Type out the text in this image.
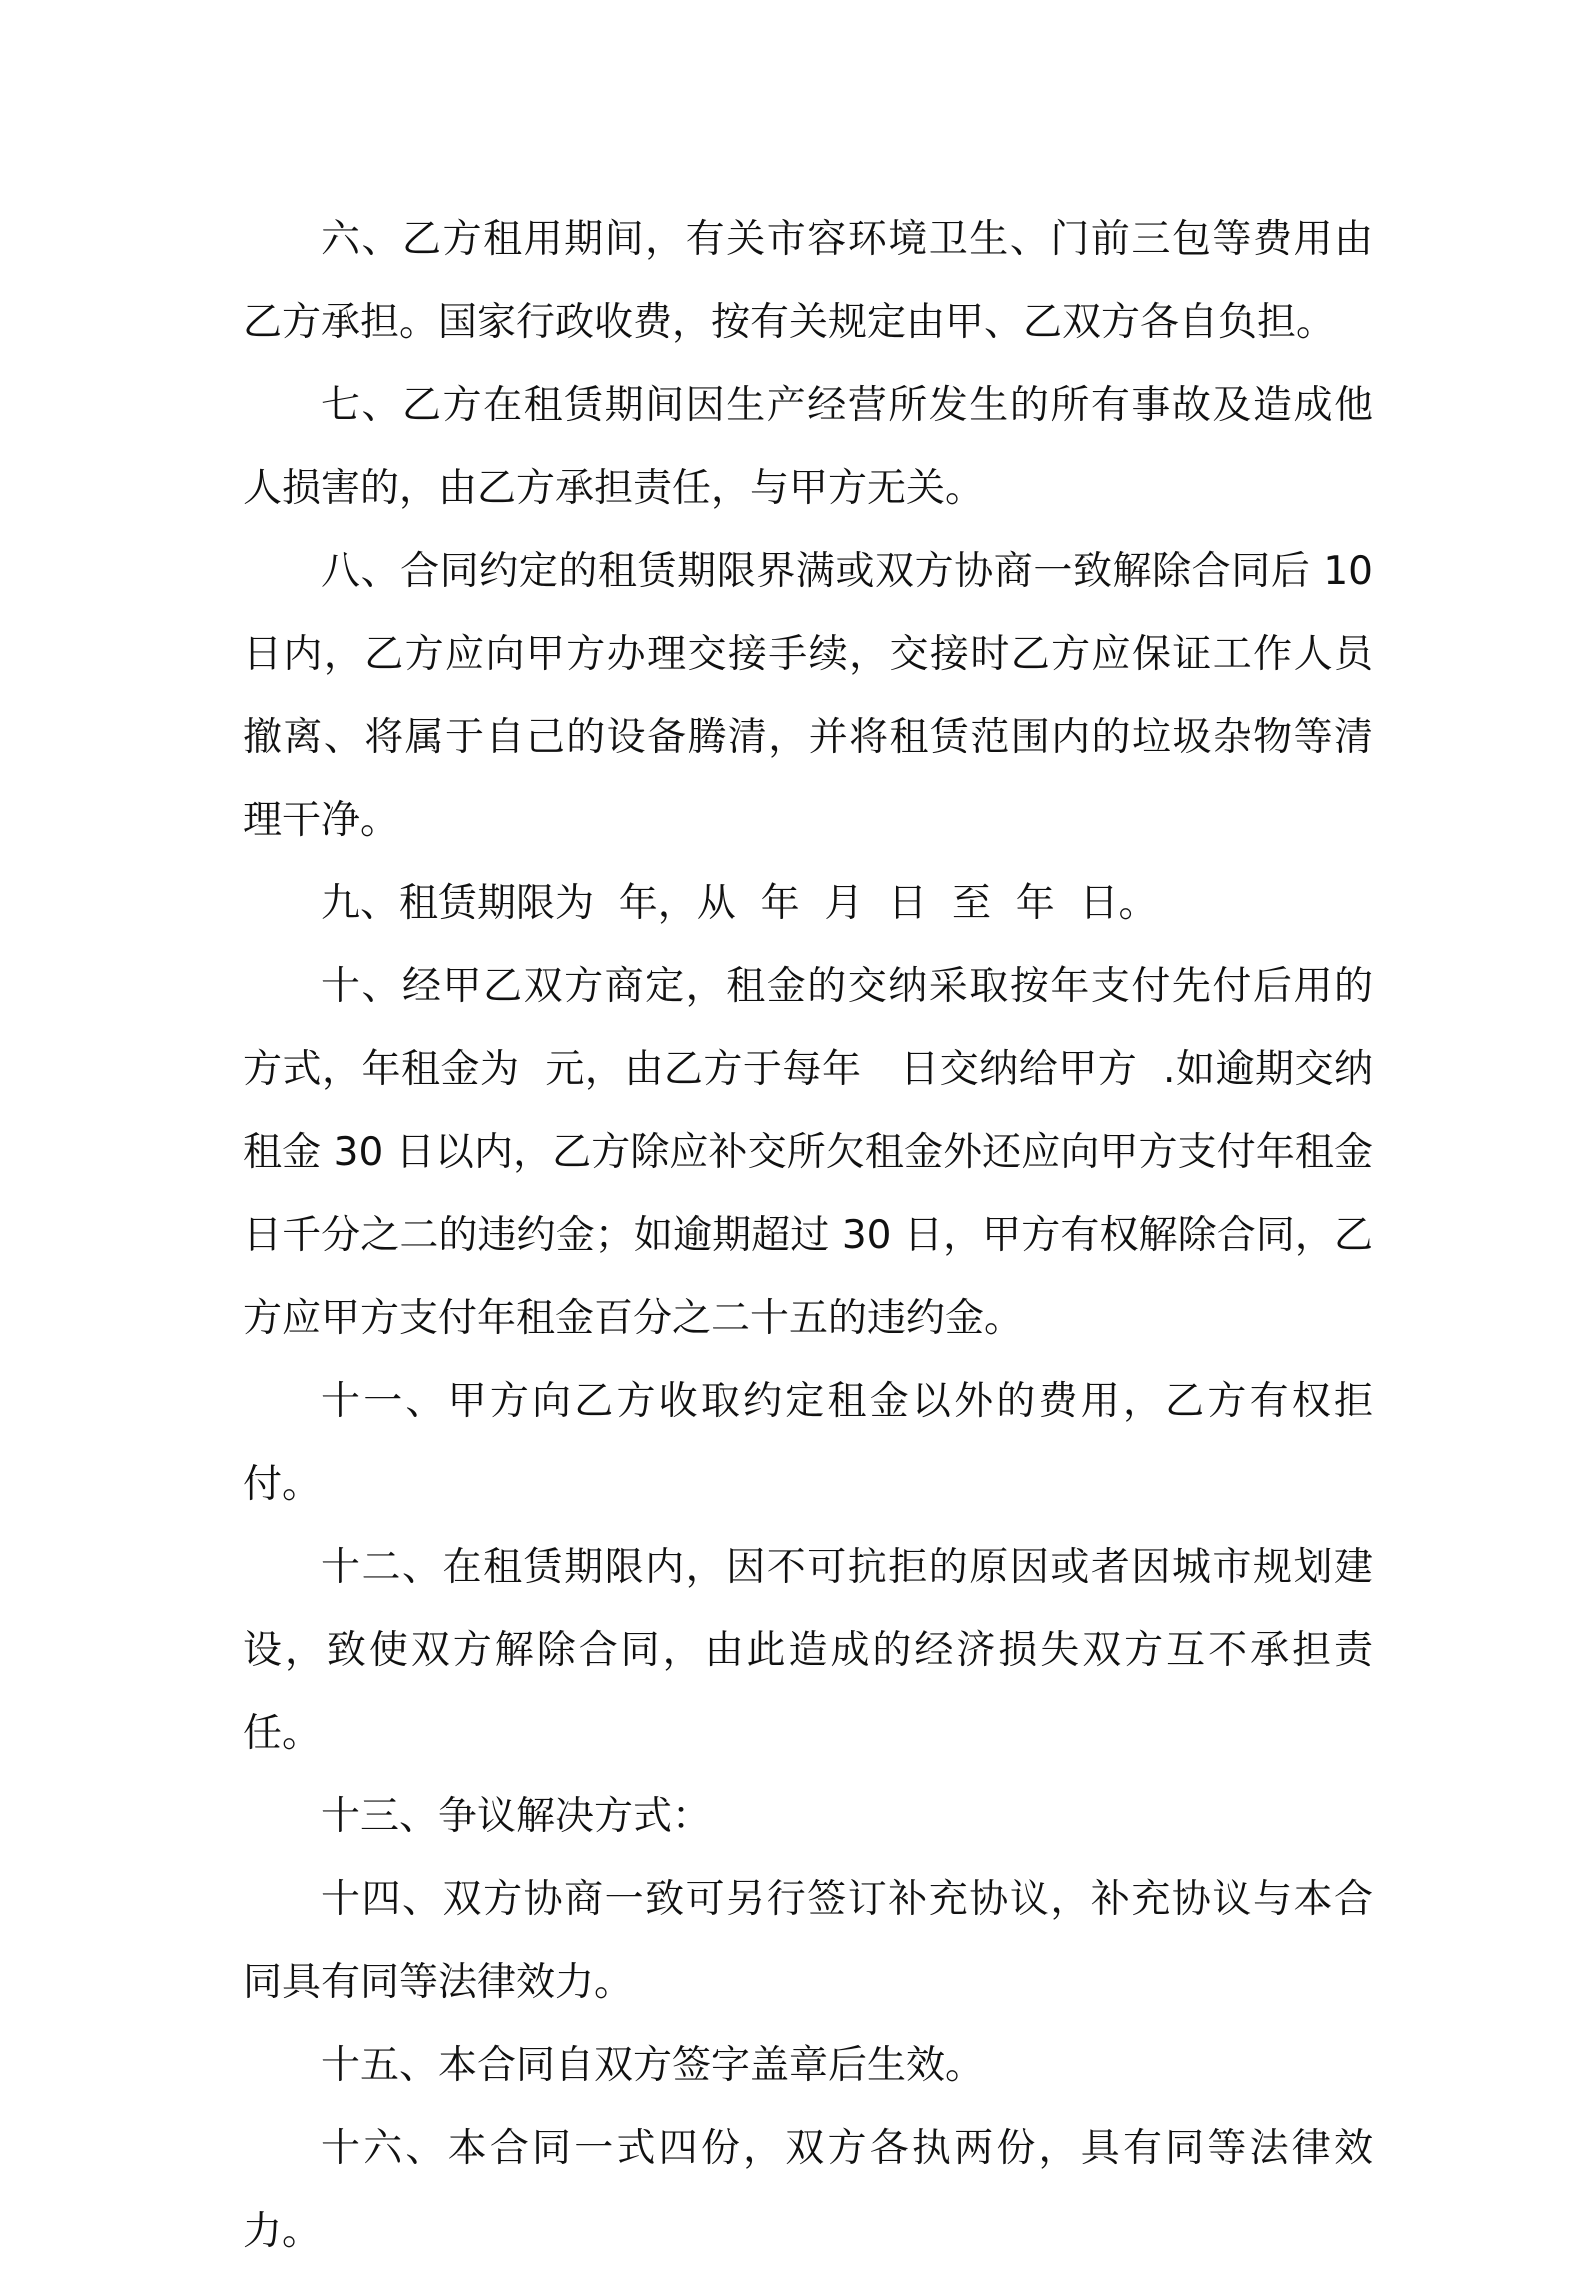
六、乙方租用期间，有关市容环境卫生、门前三包等费用由乙方承担。国家行政收费，按有关规定由甲、乙双方各自负担。

七、乙方在租赁期间因生产经营所发生的所有事故及造成他人损害的，由乙方承担责任，与甲方无关。

八、合同约定的租赁期限界满或双方协商一致解除合同后 10 日内，乙方应向甲方办理交接手续，交接时乙方应保证工作人员撤离、将属于自己的设备腾清，并将租赁范围内的垃圾杂物等清理干净。

九、租赁期限为  年，从  年  月  日  至  年  日。

十、经甲乙双方商定，租金的交纳采取按年支付先付后用的方式，年租金为  元，由乙方于每年   日交纳给甲方  .如逾期交纳租金 30 日以内，乙方除应补交所欠租金外还应向甲方支付年租金日千分之二的违约金；如逾期超过 30 日，甲方有权解除合同，乙方应甲方支付年租金百分之二十五的违约金。

十一、甲方向乙方收取约定租金以外的费用，乙方有权拒付。

十二、在租赁期限内，因不可抗拒的原因或者因城市规划建设，致使双方解除合同，由此造成的经济损失双方互不承担责任。

十三、争议解决方式：

十四、双方协商一致可另行签订补充协议，补充协议与本合同具有同等法律效力。

十五、本合同自双方签字盖章后生效。

十六、本合同一式四份，双方各执两份，具有同等法律效力。
